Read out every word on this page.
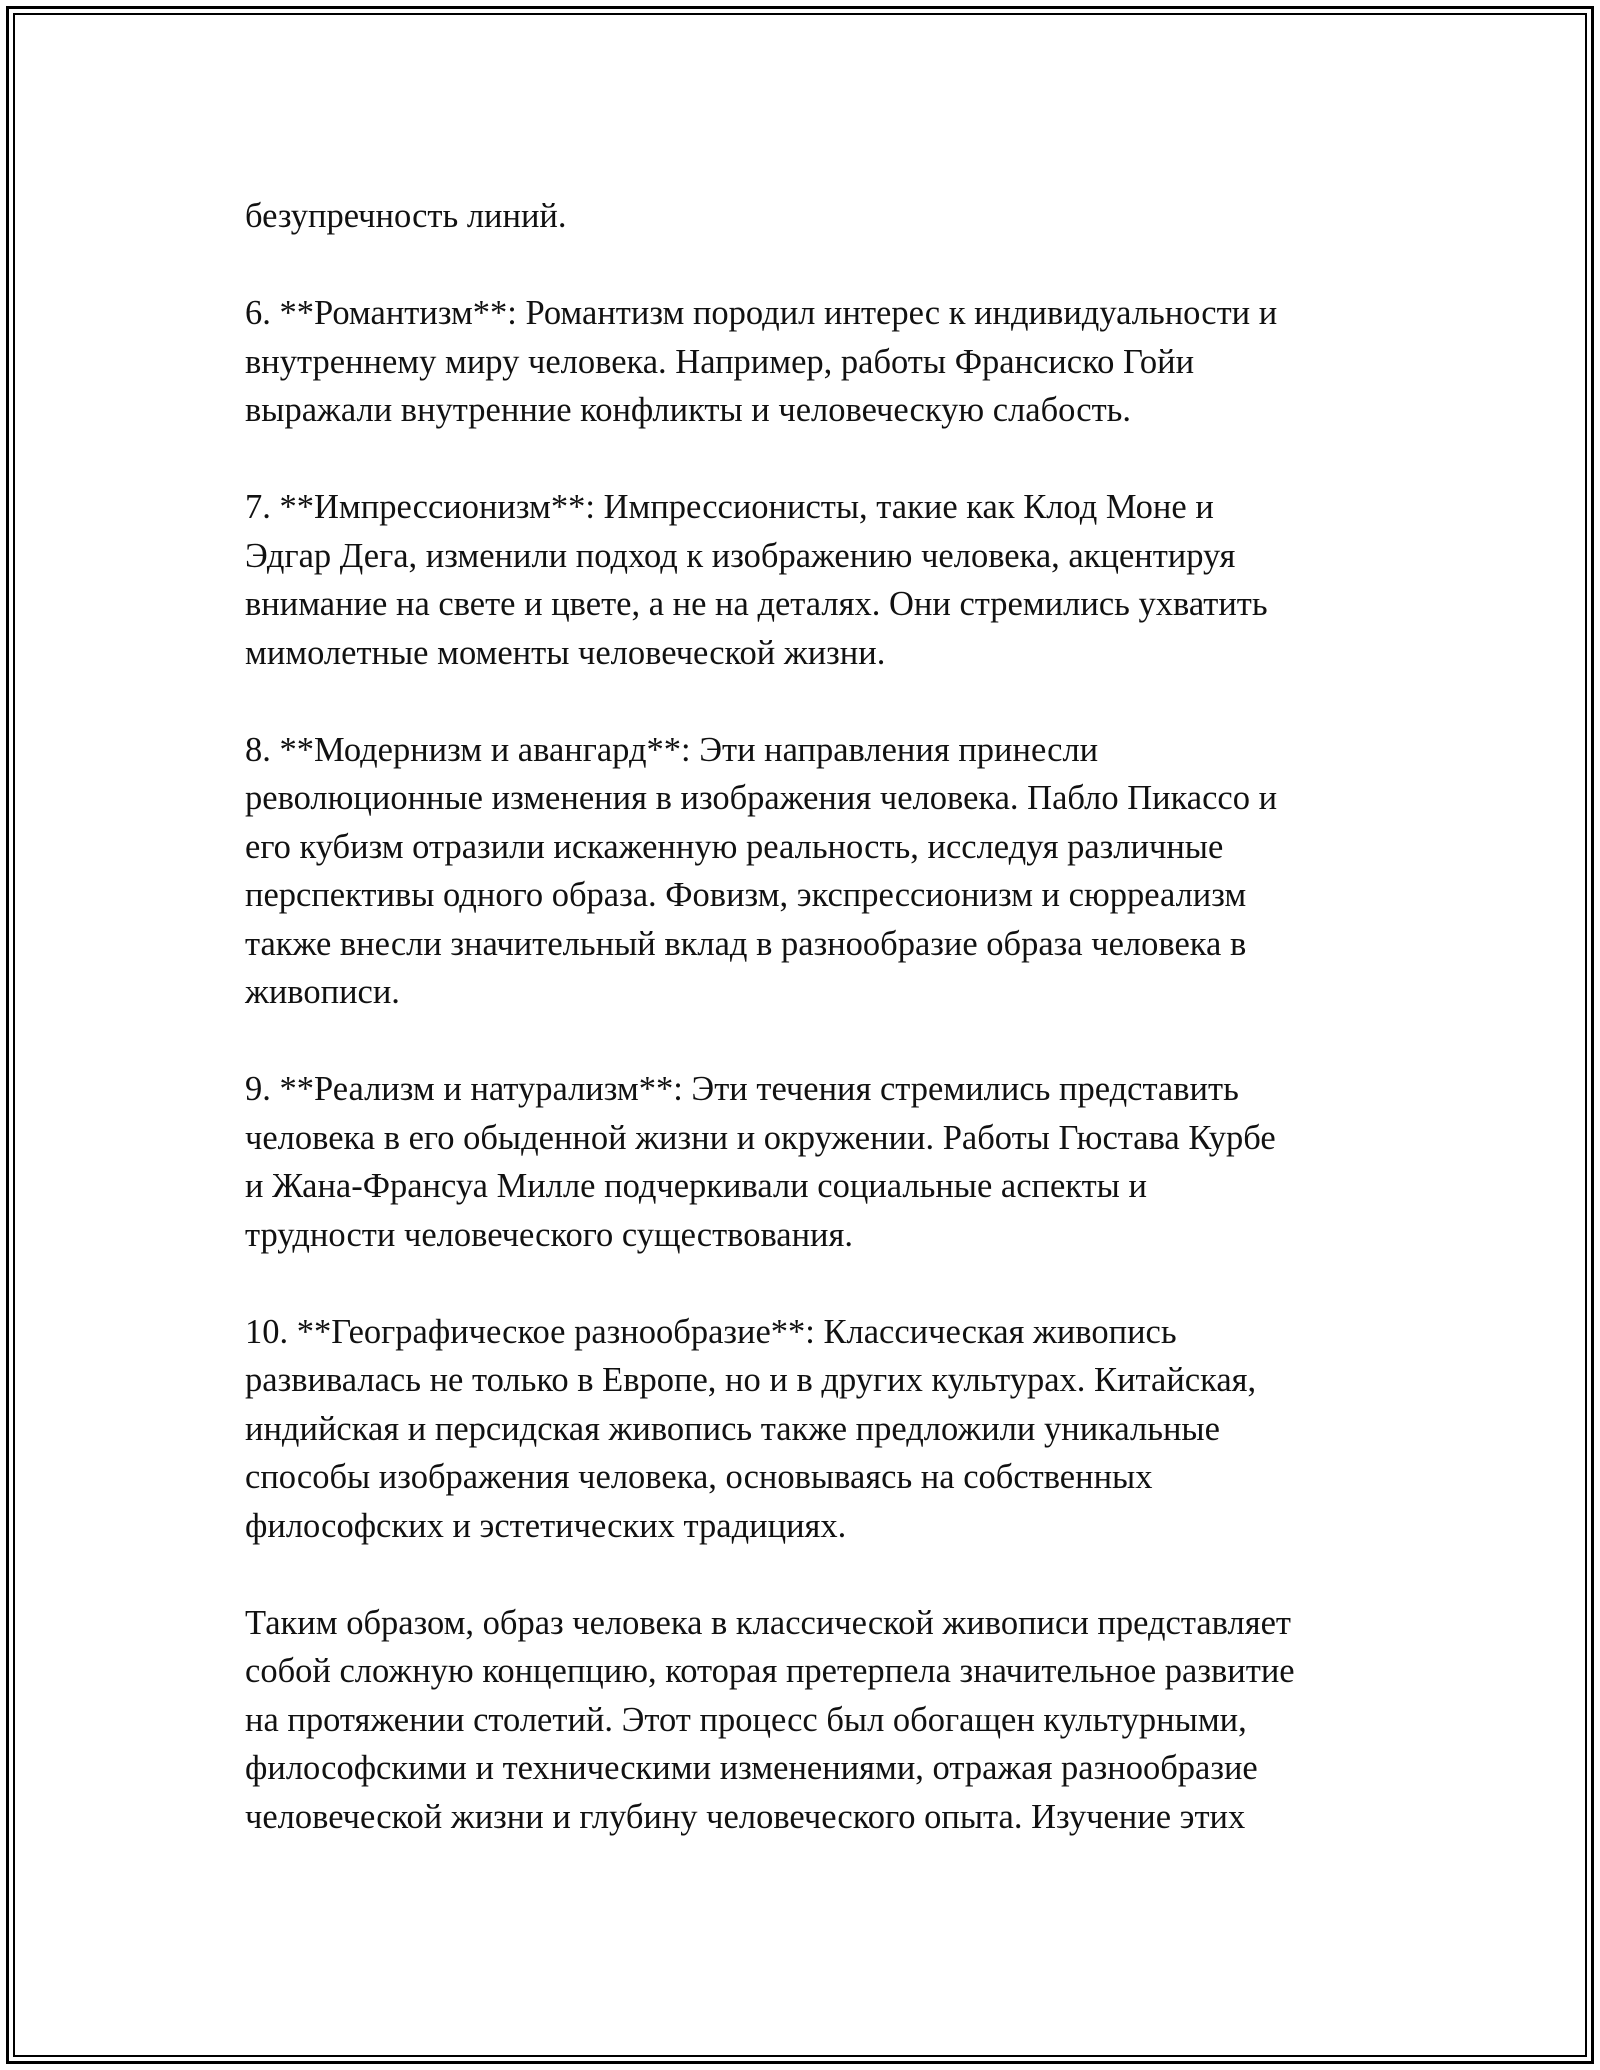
безупречность линий.

6. **Романтизм**: Романтизм породил интерес к индивидуальности и
внутреннему миру человека. Например, работы Франсиско Гойи
выражали внутренние конфликты и человеческую слабость.

7. **Импрессионизм**: Импрессионисты, такие как Клод Моне и
Эдгар Дега, изменили подход к изображению человека, акцентируя
внимание на свете и цвете, а не на деталях. Они стремились ухватить
мимолетные моменты человеческой жизни.

8. **Модернизм и авангард**: Эти направления принесли
революционные изменения в изображения человека. Пабло Пикассо и
его кубизм отразили искаженную реальность, исследуя различные
перспективы одного образа. Фовизм, экспрессионизм и сюрреализм
также внесли значительный вклад в разнообразие образа человека в
живописи.

9. **Реализм и натурализм**: Эти течения стремились представить
человека в его обыденной жизни и окружении. Работы Гюстава Курбе
и Жана-Франсуа Милле подчеркивали социальные аспекты и
трудности человеческого существования.

10. **Географическое разнообразие**: Классическая живопись
развивалась не только в Европе, но и в других культурах. Китайская,
индийская и персидская живопись также предложили уникальные
способы изображения человека, основываясь на собственных
философских и эстетических традициях.

Таким образом, образ человека в классической живописи представляет
собой сложную концепцию, которая претерпела значительное развитие
на протяжении столетий. Этот процесс был обогащен культурными,
философскими и техническими изменениями, отражая разнообразие
человеческой жизни и глубину человеческого опыта. Изучение этих
